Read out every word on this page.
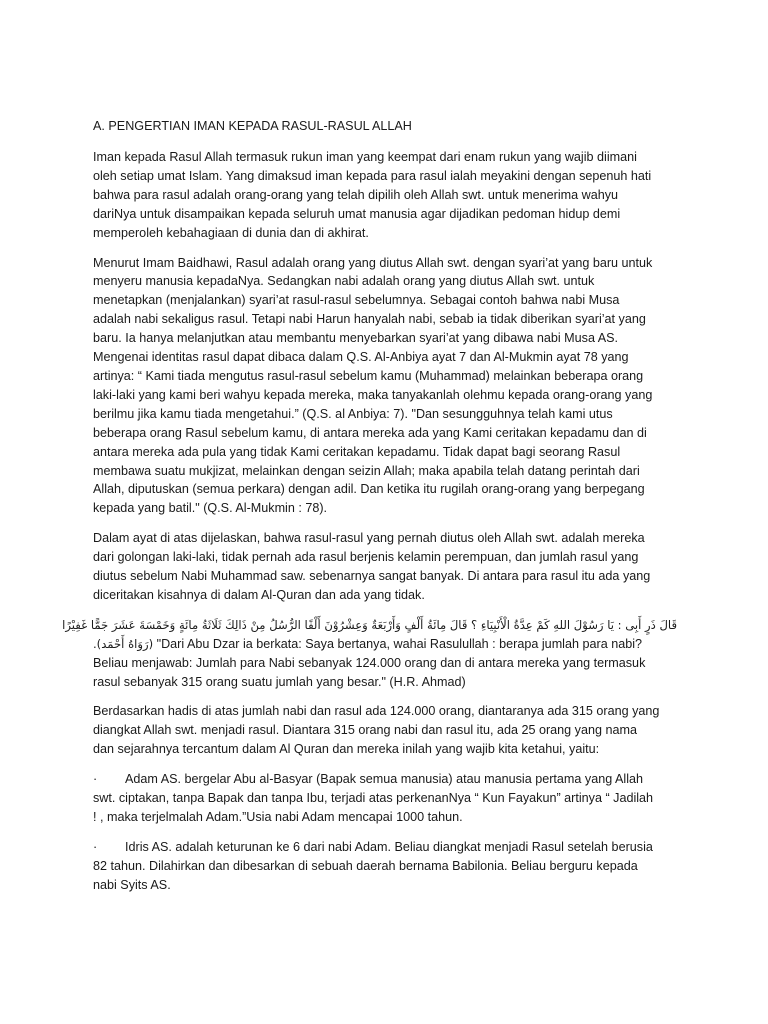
A. PENGERTIAN IMAN KEPADA RASUL-RASUL ALLAH
Iman kepada Rasul Allah termasuk rukun iman yang keempat dari enam rukun yang wajib diimani
oleh setiap umat Islam. Yang dimaksud iman kepada para rasul ialah meyakini dengan sepenuh hati
bahwa para rasul adalah orang-orang yang telah dipilih oleh Allah swt. untuk menerima wahyu
dariNya untuk disampaikan kepada seluruh umat manusia agar dijadikan pedoman hidup demi
memperoleh kebahagiaan di dunia dan di akhirat.
Menurut Imam Baidhawi, Rasul adalah orang yang diutus Allah swt. dengan syari’at yang baru untuk
menyeru manusia kepadaNya. Sedangkan nabi adalah orang yang diutus Allah swt. untuk
menetapkan (menjalankan) syari’at rasul-rasul sebelumnya. Sebagai contoh bahwa nabi Musa
adalah nabi sekaligus rasul. Tetapi nabi Harun hanyalah nabi, sebab ia tidak diberikan syari’at yang
baru. Ia hanya melanjutkan atau membantu menyebarkan syari’at yang dibawa nabi Musa AS.
Mengenai identitas rasul dapat dibaca dalam Q.S. Al-Anbiya ayat 7 dan Al-Mukmin ayat 78 yang
artinya: “ Kami tiada mengutus rasul-rasul sebelum kamu (Muhammad) melainkan beberapa orang
laki-laki yang kami beri wahyu kepada mereka, maka tanyakanlah olehmu kepada orang-orang yang
berilmu jika kamu tiada mengetahui.” (Q.S. al Anbiya: 7). "Dan sesungguhnya telah kami utus
beberapa orang Rasul sebelum kamu, di antara mereka ada yang Kami ceritakan kepadamu dan di
antara mereka ada pula yang tidak Kami ceritakan kepadamu. Tidak dapat bagi seorang Rasul
membawa suatu mukjizat, melainkan dengan seizin Allah; maka apabila telah datang perintah dari
Allah, diputuskan (semua perkara) dengan adil. Dan ketika itu rugilah orang-orang yang berpegang
kepada yang batil." (Q.S. Al-Mukmin : 78).
Dalam ayat di atas dijelaskan, bahwa rasul-rasul yang pernah diutus oleh Allah swt. adalah mereka
dari golongan laki-laki, tidak pernah ada rasul berjenis kelamin perempuan, dan jumlah rasul yang
diutus sebelum Nabi Muhammad saw. sebenarnya sangat banyak. Di antara para rasul itu ada yang
diceritakan kisahnya di dalam Al-Quran dan ada yang tidak.
قَالَ ذَرٍ أَبِى : يَا رَسُوْلَ اللهِ كَمْ عِدَّةُ الْأَنْبِيَاءِ ؟ قَالَ مِائَةُ أَلْفٍ وَأَرْبَعَةٌ وَعِشْرُوْنَ أَلْفًا الرُّسُلُ مِنْ ذَالِكَ ثَلَاثَةُ مِائَةٍ وَخَمْسَةَ عَشَرَ جَمًّا غَفِيْرًا
(رَوَاهُ أَحْمَد). "Dari Abu Dzar ia berkata: Saya bertanya, wahai Rasulullah : berapa jumlah para nabi?
Beliau menjawab: Jumlah para Nabi sebanyak 124.000 orang dan di antara mereka yang termasuk
rasul sebanyak 315 orang suatu jumlah yang besar." (H.R. Ahmad)
Berdasarkan hadis di atas jumlah nabi dan rasul ada 124.000 orang, diantaranya ada 315 orang yang
diangkat Allah swt. menjadi rasul. Diantara 315 orang nabi dan rasul itu, ada 25 orang yang nama
dan sejarahnya tercantum dalam Al Quran dan mereka inilah yang wajib kita ketahui, yaitu:
· Adam AS. bergelar Abu al-Basyar (Bapak semua manusia) atau manusia pertama yang Allah
swt. ciptakan, tanpa Bapak dan tanpa Ibu, terjadi atas perkenanNya “ Kun Fayakun” artinya “ Jadilah
! , maka terjelmalah Adam.”Usia nabi Adam mencapai 1000 tahun.
· Idris AS. adalah keturunan ke 6 dari nabi Adam. Beliau diangkat menjadi Rasul setelah berusia
82 tahun. Dilahirkan dan dibesarkan di sebuah daerah bernama Babilonia. Beliau berguru kepada
nabi Syits AS.
